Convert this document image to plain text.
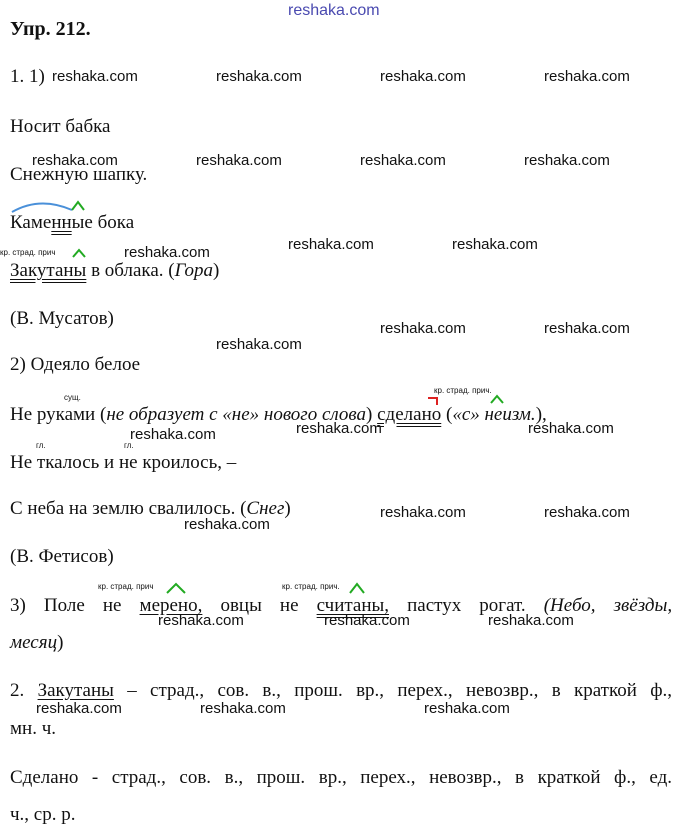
reshaka.com
Упр. 212.
1. 1) reshaka.com	reshaka.com	reshaka.com	reshaka.com
Носит бабка
reshaka.com	reshaka.com	reshaka.com	reshaka.com
Снежную шапку.
Каменные бока
кр. страд. прич	reshaka.com	reshaka.com	reshaka.com
Закутаны в облака. (Гора)
(В. Мусатов)	reshaka.com	reshaka.com
reshaka.com
2) Одеяло белое
сущ.
кр. страд. прич.
Не руками (не образует с «не» нового слова) сделано («с» неизм.),
reshaka.com	reshaka.com	reshaka.com
гл.	гл.
Не ткалось и не кроилось, –
С неба на землю свалилось. (Снег)	reshaka.com	reshaka.com
reshaka.com
(В. Фетисов)
кр. страд. прич	кр. страд. прич.
3) Поле не мерено, овцы не считаны, пастух рогат. (Небо, звёзды,
reshaka.com	reshaka.com	reshaka.com
месяц)
2. Закутаны – страд., сов. в., прош. вр., перех., невозвр., в краткой ф.,
reshaka.com	reshaka.com	reshaka.com
мн. ч.
Сделано - страд., сов. в., прош. вр., перех., невозвр., в краткой ф., ед.
ч., ср. р.
